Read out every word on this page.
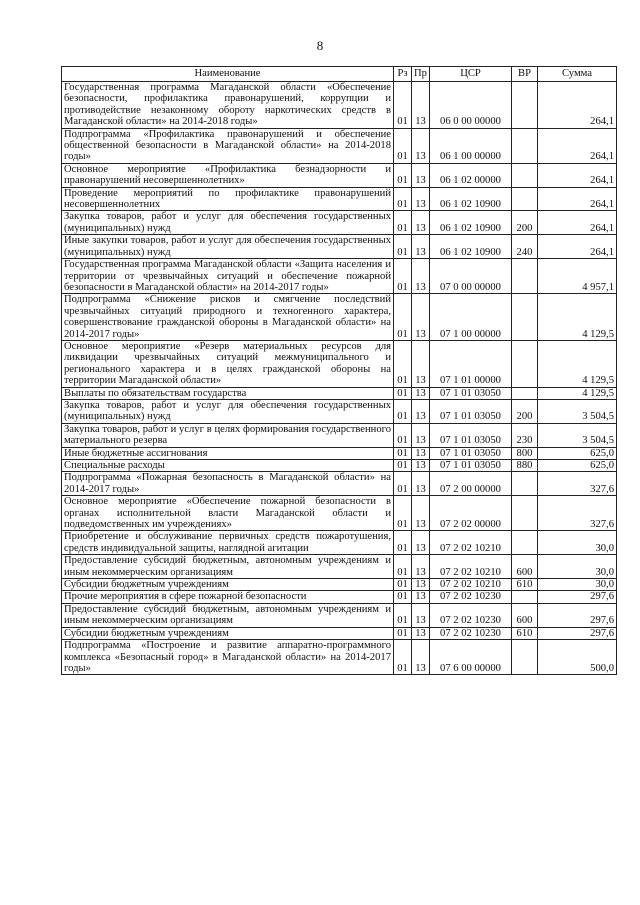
8
Наименование	Рз	Пр	ЦСР	ВР	Сумма
Государственная программа Магаданской области «Обеспечение безопасности, профилактика правонарушений, коррупции и противодействие незаконному обороту наркотических средств в Магаданской области» на 2014-2018 годы»	01	13	06 0 00 00000		264,1
Подпрограмма «Профилактика правонарушений и обеспечение общественной безопасности в Магаданской области» на 2014-2018 годы»	01	13	06 1 00 00000		264,1
Основное мероприятие «Профилактика безнадзорности и правонарушений несовершеннолетних»	01	13	06 1 02 00000		264,1
Проведение мероприятий по профилактике правонарушений несовершеннолетних	01	13	06 1 02 10900		264,1
Закупка товаров, работ и услуг для обеспечения государственных (муниципальных) нужд	01	13	06 1 02 10900	200	264,1
Иные закупки товаров, работ и услуг для обеспечения государственных (муниципальных) нужд	01	13	06 1 02 10900	240	264,1
Государственная программа Магаданской области «Защита населения и территории от чрезвычайных ситуаций и обеспечение пожарной безопасности в Магаданской области» на 2014-2017 годы»	01	13	07 0 00 00000		4 957,1
Подпрограмма «Снижение рисков и смягчение последствий чрезвычайных ситуаций природного и техногенного характера, совершенствование гражданской обороны в Магаданской области» на 2014-2017 годы»	01	13	07 1 00 00000		4 129,5
Основное мероприятие «Резерв материальных ресурсов для ликвидации чрезвычайных ситуаций межмуниципального и регионального характера и в целях гражданской обороны на территории Магаданской области»	01	13	07 1 01 00000		4 129,5
Выплаты по обязательствам государства	01	13	07 1 01 03050		4 129,5
Закупка товаров, работ и услуг для обеспечения государственных (муниципальных) нужд	01	13	07 1 01 03050	200	3 504,5
Закупка товаров, работ и услуг в целях формирования государственного материального резерва	01	13	07 1 01 03050	230	3 504,5
Иные бюджетные ассигнования	01	13	07 1 01 03050	800	625,0
Специальные расходы	01	13	07 1 01 03050	880	625,0
Подпрограмма «Пожарная безопасность в Магаданской области» на 2014-2017 годы»	01	13	07 2 00 00000		327,6
Основное мероприятие «Обеспечение пожарной безопасности в органах исполнительной власти Магаданской области и подведомственных им учреждениях»	01	13	07 2 02 00000		327,6
Приобретение и обслуживание первичных средств пожаротушения, средств индивидуальной защиты, наглядной агитации	01	13	07 2 02 10210		30,0
Предоставление субсидий бюджетным, автономным учреждениям и иным некоммерческим организациям	01	13	07 2 02 10210	600	30,0
Субсидии бюджетным учреждениям	01	13	07 2 02 10210	610	30,0
Прочие мероприятия в сфере пожарной безопасности	01	13	07 2 02 10230		297,6
Предоставление субсидий бюджетным, автономным учреждениям и иным некоммерческим организациям	01	13	07 2 02 10230	600	297,6
Субсидии бюджетным учреждениям	01	13	07 2 02 10230	610	297,6
Подпрограмма «Построение и развитие аппаратно-программного комплекса «Безопасный город» в Магаданской области» на 2014-2017 годы»	01	13	07 6 00 00000		500,0
